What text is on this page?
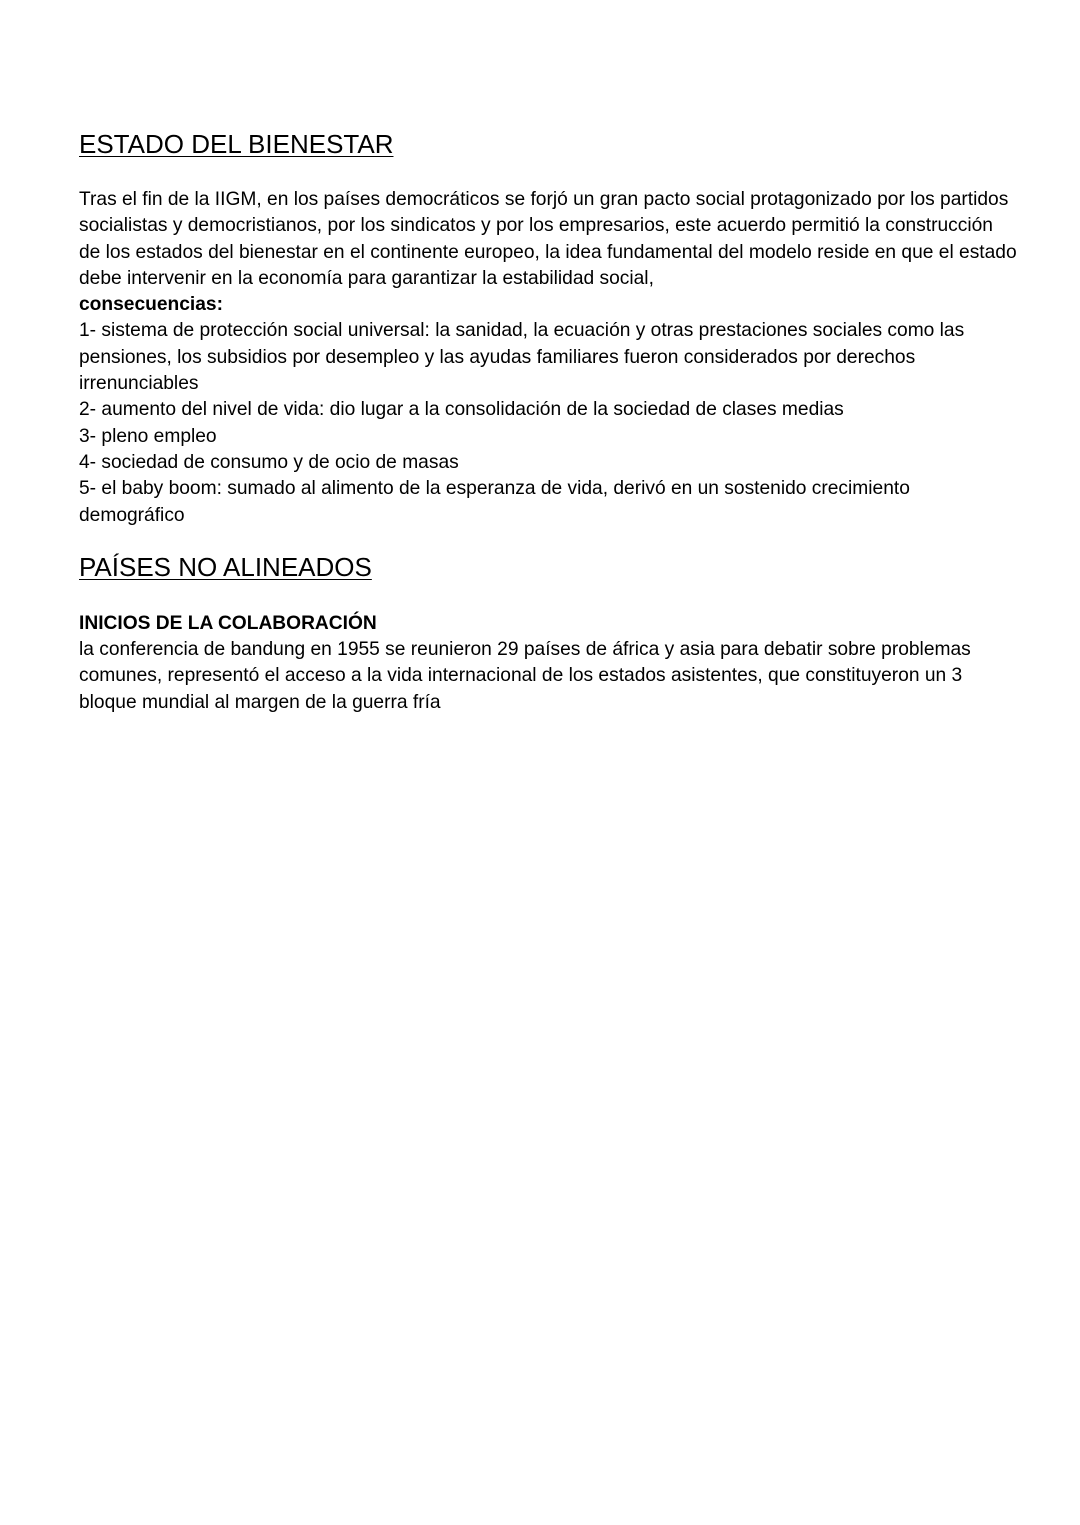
ESTADO DEL BIENESTAR

Tras el fin de la IIGM, en los países democráticos se forjó un gran pacto social protagonizado por los partidos socialistas y democristianos, por los sindicatos y por los empresarios, este acuerdo permitió la construcción de los estados del bienestar en el continente europeo, la idea fundamental del modelo reside en que el estado debe intervenir en la economía para garantizar la estabilidad social,

consecuencias:

1- sistema de protección social universal: la sanidad, la ecuación y otras prestaciones sociales como las pensiones, los subsidios por desempleo y las ayudas familiares fueron considerados por derechos irrenunciables

2- aumento del nivel de vida: dio lugar a la consolidación de la sociedad de clases medias

3- pleno empleo

4- sociedad de consumo y de ocio de masas

5- el baby boom: sumado al alimento de la esperanza de vida, derivó en un sostenido crecimiento demográfico

PAÍSES NO ALINEADOS

INICIOS DE LA COLABORACIÓN

la conferencia de bandung en 1955 se reunieron 29 países de áfrica y asia para debatir sobre problemas comunes, representó el acceso a la vida internacional de los estados asistentes, que constituyeron un 3 bloque mundial al margen de la guerra fría
